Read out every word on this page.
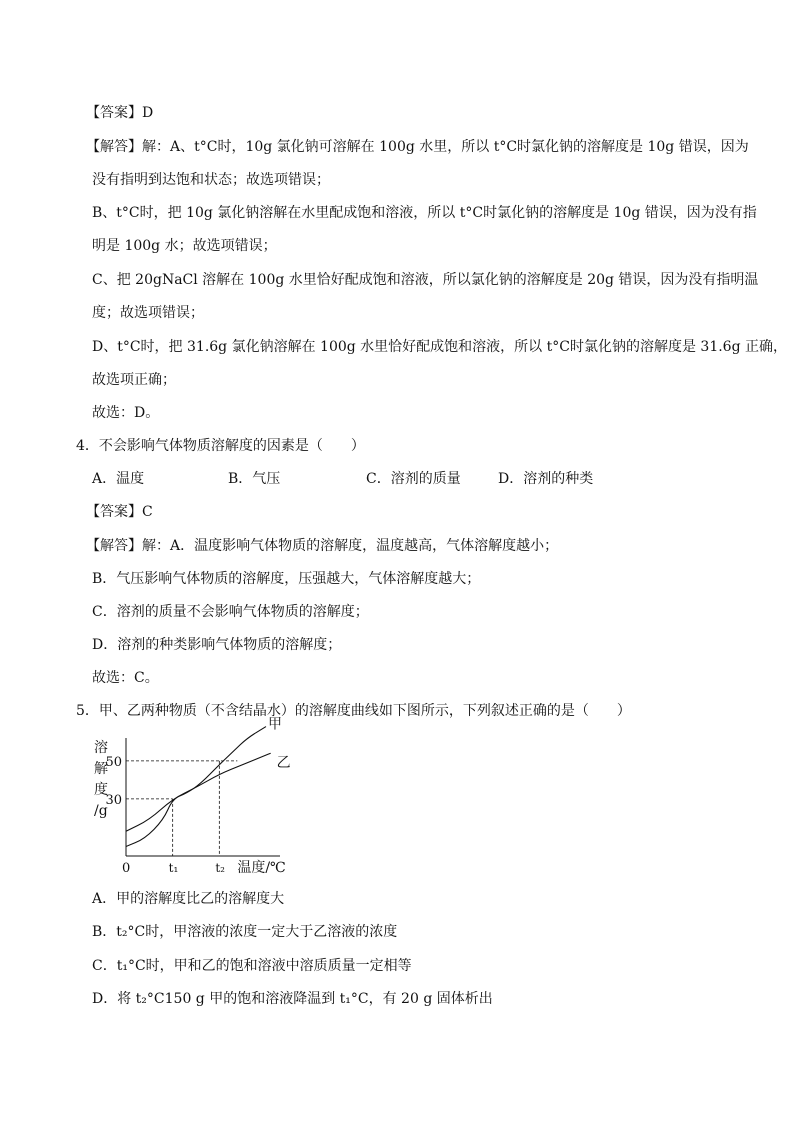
【答案】D
【解答】解：A、t°C时，10g 氯化钠可溶解在 100g 水里，所以 t°C时氯化钠的溶解度是 10g 错误，因为
没有指明到达饱和状态；故选项错误；
B、t°C时，把 10g 氯化钠溶解在水里配成饱和溶液，所以 t°C时氯化钠的溶解度是 10g 错误，因为没有指
明是 100g 水；故选项错误；
C、把 20gNaCl 溶解在 100g 水里恰好配成饱和溶液，所以氯化钠的溶解度是 20g 错误，因为没有指明温
度；故选项错误；
D、t°C时，把 31.6g 氯化钠溶解在 100g 水里恰好配成饱和溶液，所以 t°C时氯化钠的溶解度是 31.6g 正确，
故选项正确；
故选：D。
4．不会影响气体物质溶解度的因素是（　　）
A．温度	B．气压	C．溶剂的质量	D．溶剂的种类
【答案】C
【解答】解：A．温度影响气体物质的溶解度，温度越高，气体溶解度越小；
B．气压影响气体物质的溶解度，压强越大，气体溶解度越大；
C．溶剂的质量不会影响气体物质的溶解度；
D．溶剂的种类影响气体物质的溶解度；
故选：C。
5．甲、乙两种物质（不含结晶水）的溶解度曲线如下图所示，下列叙述正确的是（　　）
甲
乙
30
50
t₁	t₂
0	温度/℃
溶
解
度
/g
A．甲的溶解度比乙的溶解度大
B．t₂°C时，甲溶液的浓度一定大于乙溶液的浓度
C．t₁°C时，甲和乙的饱和溶液中溶质质量一定相等
D．将 t₂°C150 g 甲的饱和溶液降温到 t₁°C，有 20 g 固体析出
